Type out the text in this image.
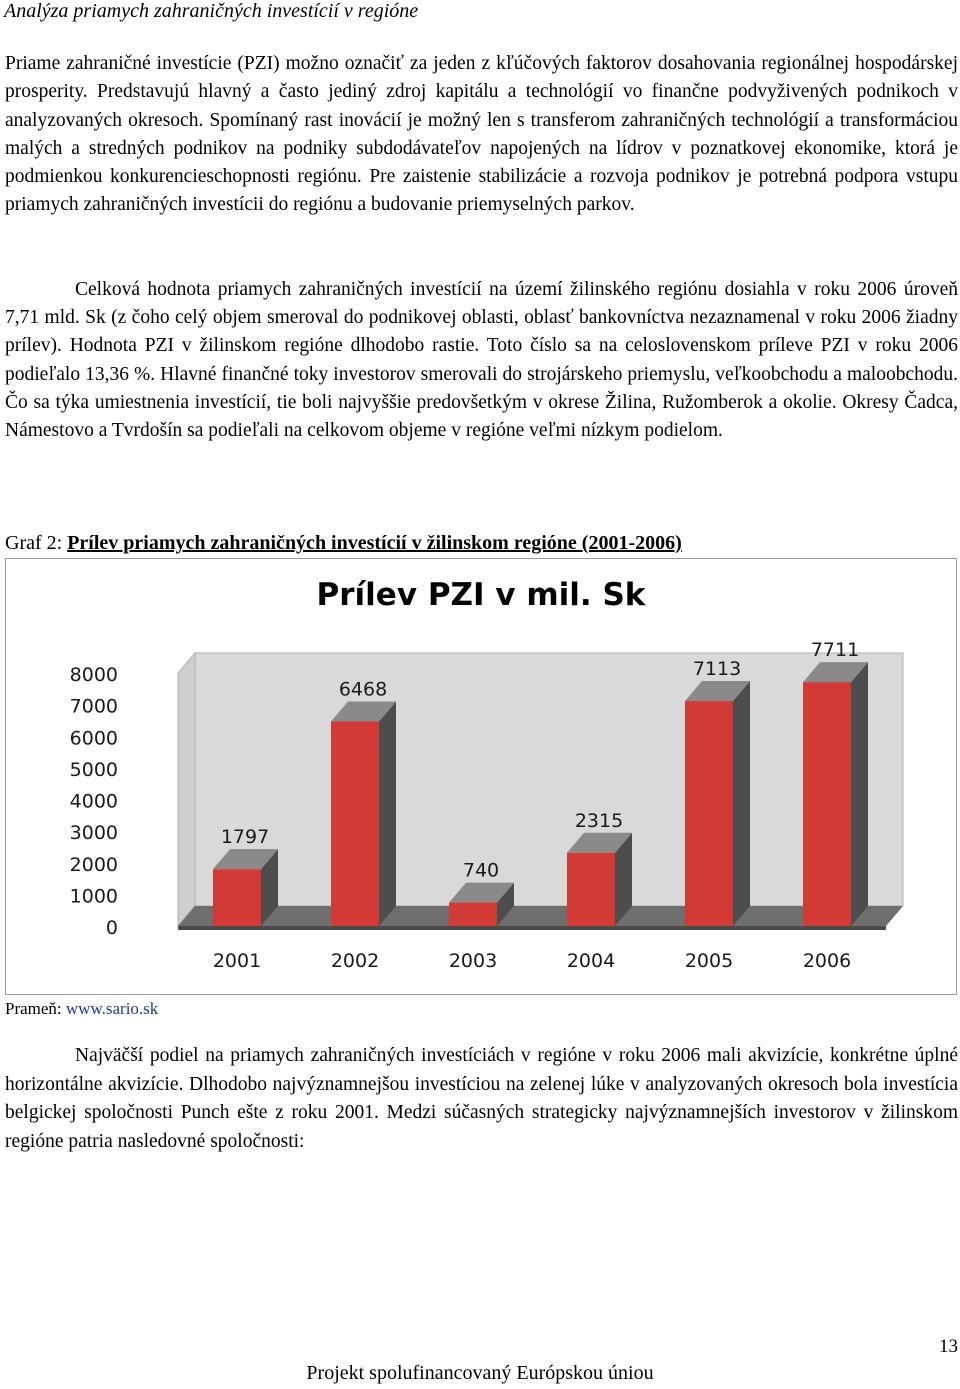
Analýza priamych zahraničných investícií v regióne

Priame zahraničné investície (PZI) možno označiť za jeden z kľúčových faktorov dosahovania regionálnej hospodárskej prosperity. Predstavujú hlavný a často jediný zdroj kapitálu a technológií vo finančne podvyživených podnikoch v analyzovaných okresoch. Spomínaný rast inovácií je možný len s transferom zahraničných technológií a transformáciou malých a stredných podnikov na podniky subdodávateľov napojených na lídrov v poznatkovej ekonomike, ktorá je podmienkou konkurencieschopnosti regiónu. Pre zaistenie stabilizácie a rozvoja podnikov je potrebná podpora vstupu priamych zahraničných investícii do regiónu a budovanie priemyselných parkov.

Celková hodnota priamych zahraničných investícií na území žilinského regiónu dosiahla v roku 2006 úroveň 7,71 mld. Sk (z čoho celý objem smeroval do podnikovej oblasti, oblasť bankovníctva nezaznamenal v roku 2006 žiadny prílev). Hodnota PZI v žilinskom regióne dlhodobo rastie. Toto číslo sa na celoslovenskom príleve PZI v roku 2006 podieľalo 13,36 %. Hlavné finančné toky investorov smerovali do strojárskeho priemyslu, veľkoobchodu a maloobchodu. Čo sa týka umiestnenia investícií, tie boli najvyššie predovšetkým v okrese Žilina, Ružomberok a okolie. Okresy Čadca, Námestovo a Tvrdošín sa podieľali na celkovom objeme v regióne veľmi nízkym podielom.

Graf 2: Prílev priamych zahraničných investícií v žilinskom regióne (2001-2006)
0
1000
2000
3000
4000
5000
6000
7000
8000
1797
2001
6468
2002
740
2003
2315
2004
7113
2005
7711
2006
Prílev PZI v mil. Sk
Prameň: www.sario.sk

Najväčší podiel na priamych zahraničných investíciách v regióne v roku 2006 mali akvizície, konkrétne úplné horizontálne akvizície. Dlhodobo najvýznamnejšou investíciou na zelenej lúke v analyzovaných okresoch bola investícia belgickej spoločnosti Punch ešte z roku 2001. Medzi súčasných strategicky najvýznamnejších investorov v žilinskom regióne patria nasledovné spoločnosti:

13
Projekt spolufinancovaný Európskou úniou
